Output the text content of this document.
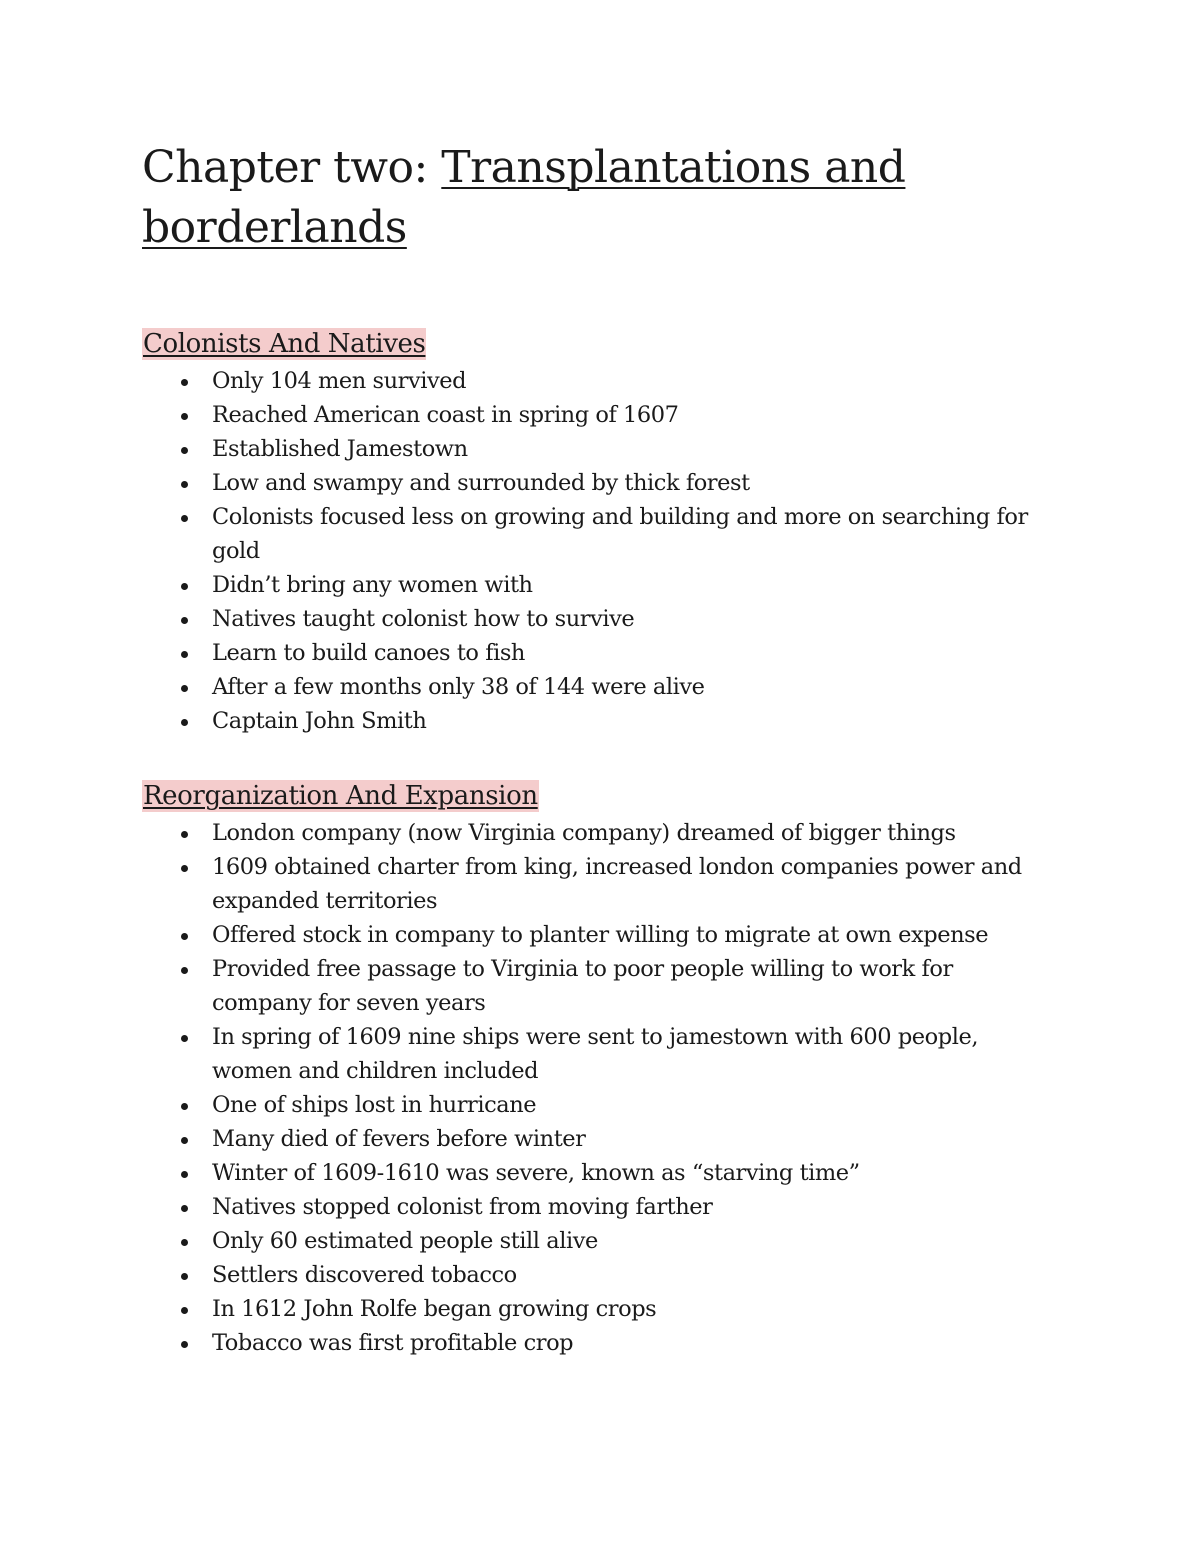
Chapter two: Transplantations and borderlands
Colonists And Natives
Only 104 men survived
Reached American coast in spring of 1607
Established Jamestown
Low and swampy and surrounded by thick forest
Colonists focused less on growing and building and more on searching for gold
Didn’t bring any women with
Natives taught colonist how to survive
Learn to build canoes to fish
After a few months only 38 of 144 were alive
Captain John Smith
Reorganization And Expansion
London company (now Virginia company) dreamed of bigger things
1609 obtained charter from king, increased london companies power and expanded territories
Offered stock in company to planter willing to migrate at own expense
Provided free passage to Virginia to poor people willing to work for company for seven years
In spring of 1609 nine ships were sent to jamestown with 600 people, women and children included
One of ships lost in hurricane
Many died of fevers before winter
Winter of 1609-1610 was severe, known as “starving time”
Natives stopped colonist from moving farther
Only 60 estimated people still alive
Settlers discovered tobacco
In 1612 John Rolfe began growing crops
Tobacco was first profitable crop
